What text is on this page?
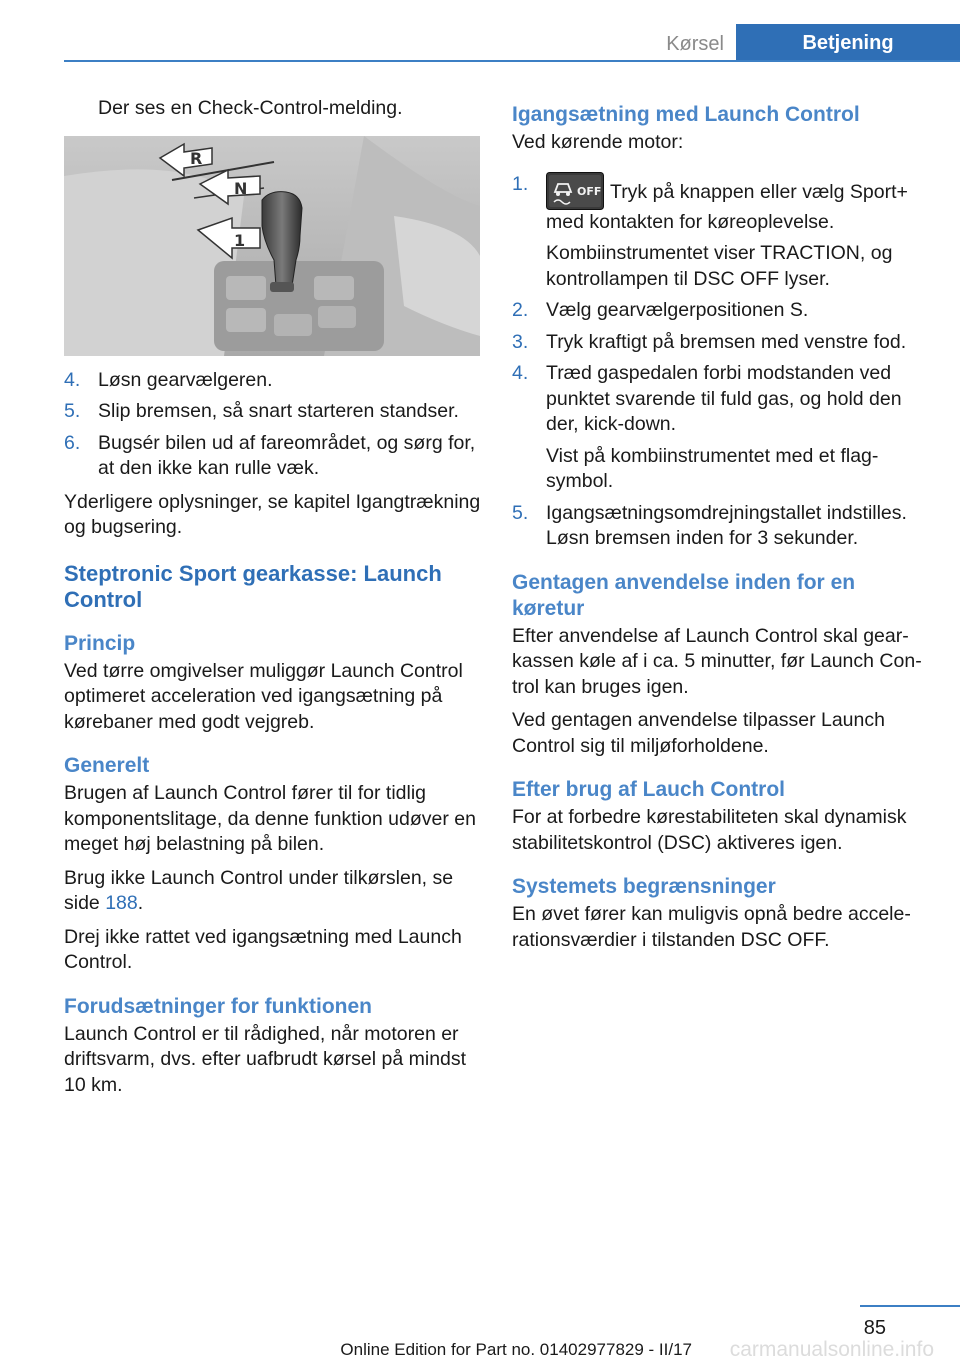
Kørsel	Betjening

Der ses en Check-Control-melding.

R
N
1
4. Løsn gearvælgeren.
5. Slip bremsen, så snart starteren standser.
6. Bugsér bilen ud af fareområdet, og sørg for, at den ikke kan rulle væk.

Yderligere oplysninger, se kapitel Igangtrækning og bugsering.

Steptronic Sport gearkasse: Launch Control
Princip

Ved tørre omgivelser muliggør Launch Control optimeret acceleration ved igangsætning på kørebaner med godt vejgreb.

Generelt

Brugen af Launch Control fører til for tidlig komponentslitage, da denne funktion udøver en meget høj belastning på bilen.

Brug ikke Launch Control under tilkørslen, se side 188.

Drej ikke rattet ved igangsætning med Launch Control.

Forudsætninger for funktionen

Launch Control er til rådighed, når motoren er driftsvarm, dvs. efter uafbrudt kørsel på mindst 10 km.

Igangsætning med Launch Control

Ved kørende motor:

1.	OFF Tryk på knappen eller vælg Sport+ med kontakten for køreoplevelse.

Kombiinstrumentet viser TRACTION, og kontrollampen til DSC OFF lyser.

2. Vælg gearvælgerpositionen S.
3. Tryk kraftigt på bremsen med venstre fod.
4. Træd gaspedalen forbi modstanden ved punktet svarende til fuld gas, og hold den der, kick-down.

Vist på kombiinstrumentet med et flagsymbol.

5. Igangsætningsomdrejningstallet indstilles. Løsn bremsen inden for 3 sekunder.
Gentagen anvendelse inden for en køretur

Efter anvendelse af Launch Control skal gearkassen køle af i ca. 5 minutter, før Launch Control kan bruges igen.

Ved gentagen anvendelse tilpasser Launch Control sig til miljøforholdene.

Efter brug af Lauch Control

For at forbedre kørestabiliteten skal dynamisk stabilitetskontrol (DSC) aktiveres igen.

Systemets begrænsninger

En øvet fører kan muligvis opnå bedre accelerationsværdier i tilstanden DSC OFF.

85
Online Edition for Part no. 01402977829 - II/17 carmanualsonline.info
